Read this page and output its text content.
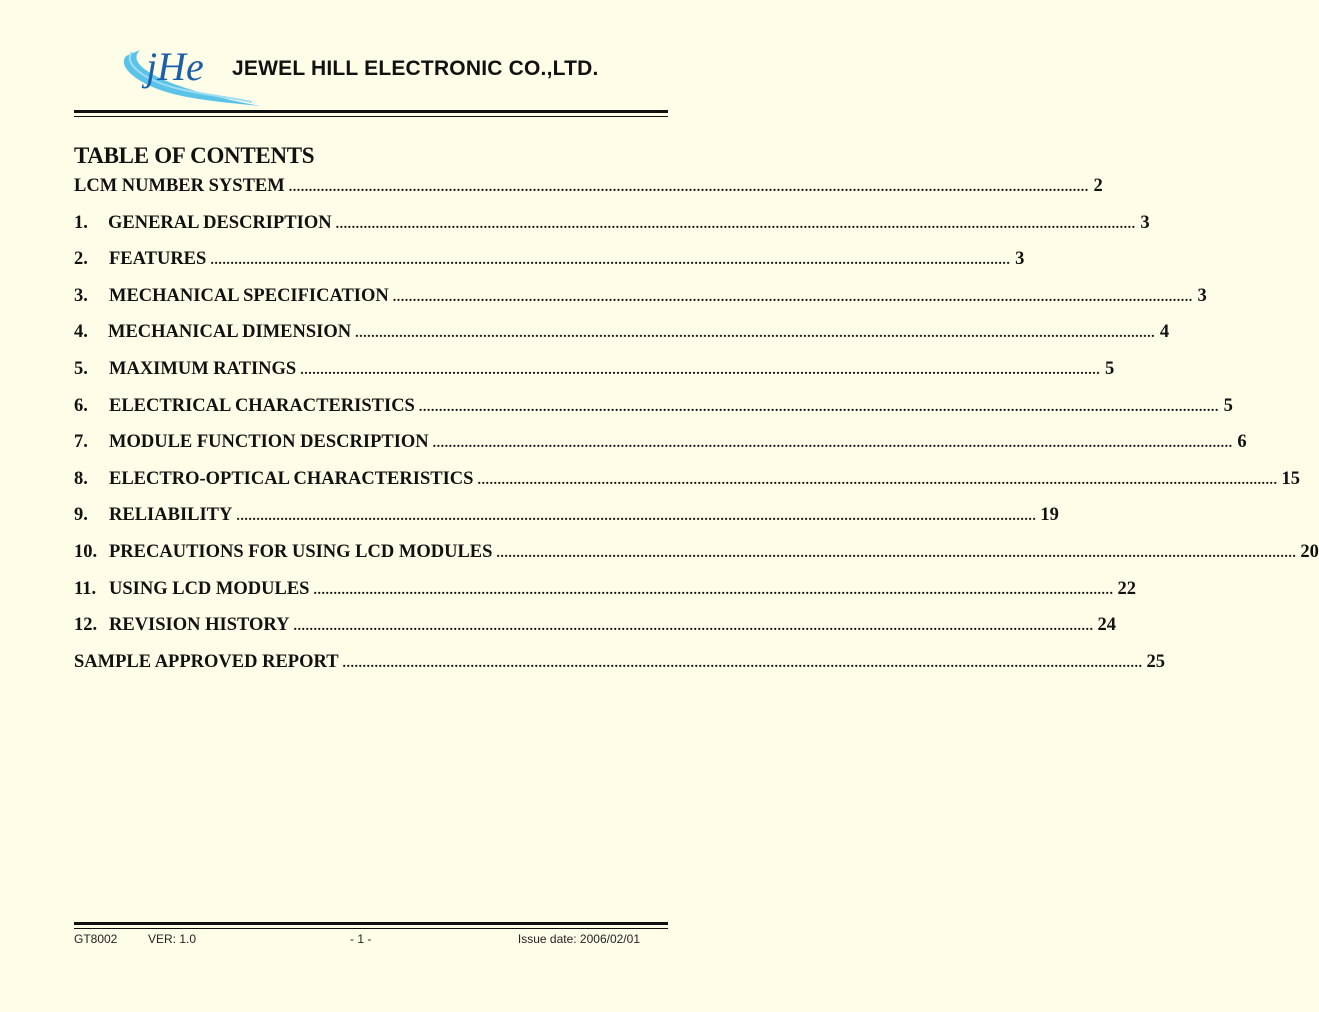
jHe JEWEL HILL ELECTRONIC CO.,LTD.
TABLE OF CONTENTS
LCM NUMBER SYSTEM ........................................................................................................................................................................................................ 2
1.	GENERAL DESCRIPTION ........................................................................................................................................................................................................ 3
2.	FEATURES ........................................................................................................................................................................................................ 3
3.	MECHANICAL SPECIFICATION ........................................................................................................................................................................................................ 3
4.	MECHANICAL DIMENSION ........................................................................................................................................................................................................ 4
5.	MAXIMUM RATINGS ........................................................................................................................................................................................................ 5
6.	ELECTRICAL CHARACTERISTICS ........................................................................................................................................................................................................ 5
7.	MODULE FUNCTION DESCRIPTION ........................................................................................................................................................................................................ 6
8.	ELECTRO-OPTICAL CHARACTERISTICS ........................................................................................................................................................................................................ 15
9.	RELIABILITY ........................................................................................................................................................................................................ 19
10. PRECAUTIONS FOR USING LCD MODULES ........................................................................................................................................................................................................ 20
11. USING LCD MODULES ........................................................................................................................................................................................................ 22
12. REVISION HISTORY ........................................................................................................................................................................................................ 24
SAMPLE APPROVED REPORT ........................................................................................................................................................................................................ 25
GT8002	VER: 1.0	- 1 -	Issue date: 2006/02/01
